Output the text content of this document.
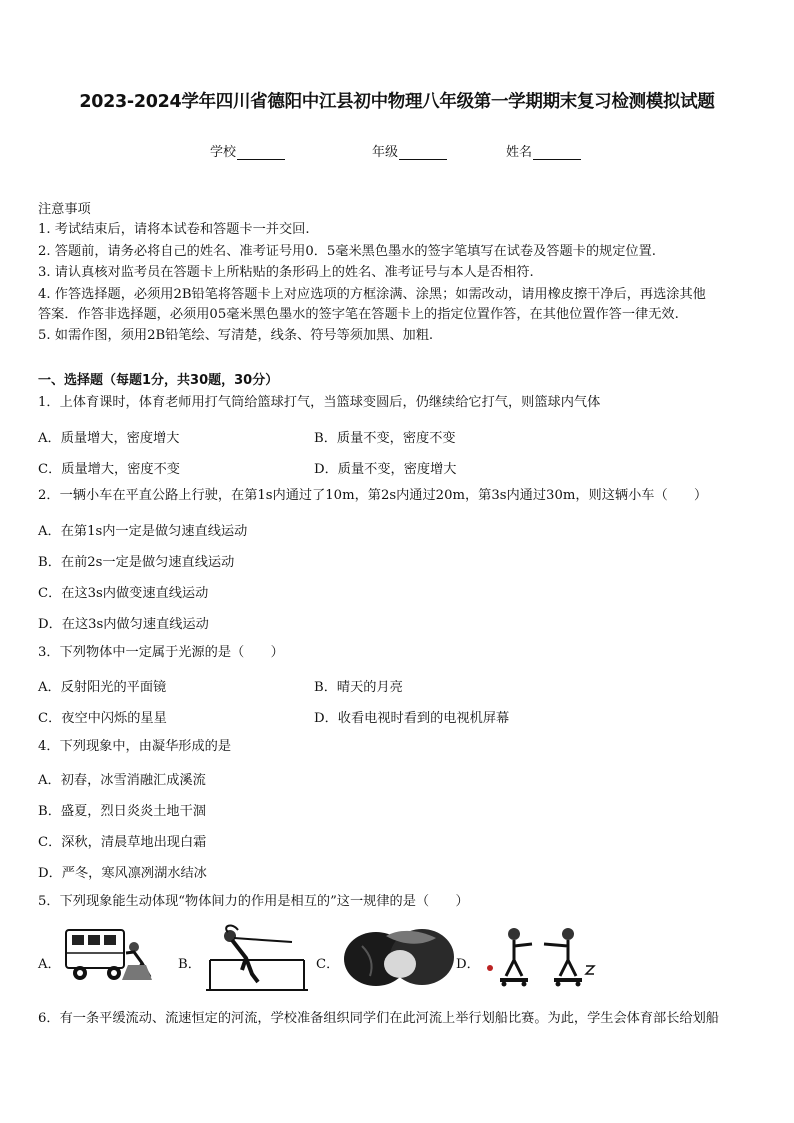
2023-2024学年四川省德阳中江县初中物理八年级第一学期期末复习检测模拟试题
学校	年级	姓名
注意事项
1. 考试结束后，请将本试卷和答题卡一并交回.
2. 答题前，请务必将自己的姓名、准考证号用0．5毫米黑色墨水的签字笔填写在试卷及答题卡的规定位置.
3. 请认真核对监考员在答题卡上所粘贴的条形码上的姓名、准考证号与本人是否相符.
4. 作答选择题，必须用2B铅笔将答题卡上对应选项的方框涂满、涂黑；如需改动，请用橡皮擦干净后，再选涂其他
答案．作答非选择题，必须用05毫米黑色墨水的签字笔在答题卡上的指定位置作答，在其他位置作答一律无效.
5. 如需作图，须用2B铅笔绘、写清楚，线条、符号等须加黑、加粗.
一、选择题（每题1分，共30题，30分）
1．上体育课时，体育老师用打气筒给篮球打气，当篮球变圆后，仍继续给它打气，则篮球内气体
A．质量增大，密度增大	B．质量不变，密度不变
C．质量增大，密度不变	D．质量不变，密度增大
2．一辆小车在平直公路上行驶，在第1s内通过了10m，第2s内通过20m，第3s内通过30m，则这辆小车（　　）
A．在第1s内一定是做匀速直线运动
B．在前2s一定是做匀速直线运动
C．在这3s内做变速直线运动
D．在这3s内做匀速直线运动
3．下列物体中一定属于光源的是（　　）
A．反射阳光的平面镜	B．晴天的月亮
C．夜空中闪烁的星星	D．收看电视时看到的电视机屏幕
4．下列现象中，由凝华形成的是
A．初春，冰雪消融汇成溪流
B．盛夏，烈日炎炎土地干涸
C．深秋，清晨草地出现白霜
D．严冬，寒风凛冽湖水结冰
5．下列现象能生动体现“物体间力的作用是相互的”这一规律的是（　　）
A．	B．	C．	D．
6．有一条平缓流动、流速恒定的河流，学校准备组织同学们在此河流上举行划船比赛。为此，学生会体育部长给划船
